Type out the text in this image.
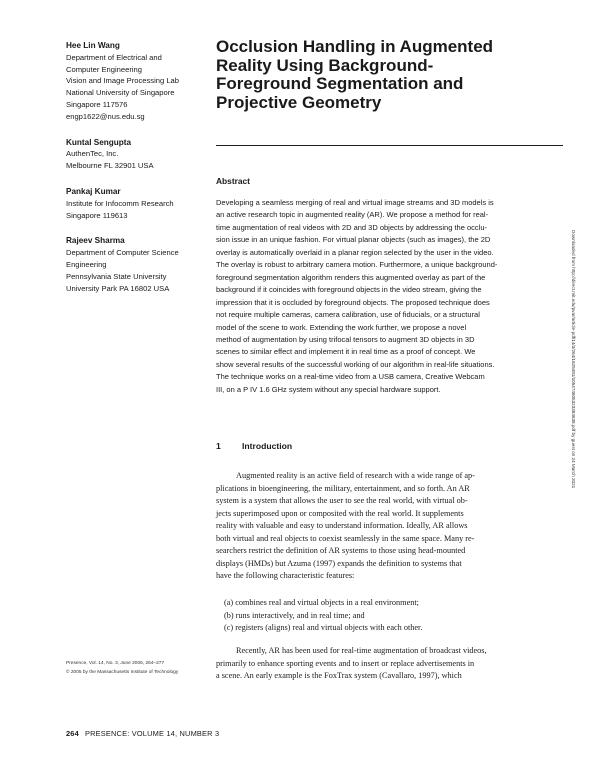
Hee Lin Wang
Department of Electrical and
Computer Engineering
Vision and Image Processing Lab
National University of Singapore
Singapore 117576
engp1622@nus.edu.sg
Kuntal Sengupta
AuthenTec, Inc.
Melbourne FL 32901 USA
Pankaj Kumar
Institute for Infocomm Research
Singapore 119613
Rajeev Sharma
Department of Computer Science
Engineering
Pennsylvania State University
University Park PA 16802 USA
Occlusion Handling in Augmented
Reality Using Background-
Foreground Segmentation and
Projective Geometry
Abstract
Developing a seamless merging of real and virtual image streams and 3D models is
an active research topic in augmented reality (AR). We propose a method for real-
time augmentation of real videos with 2D and 3D objects by addressing the occlu-
sion issue in an unique fashion. For virtual planar objects (such as images), the 2D
overlay is automatically overlaid in a planar region selected by the user in the video.
The overlay is robust to arbitrary camera motion. Furthermore, a unique background-
foreground segmentation algorithm renders this augmented overlay as part of the
background if it coincides with foreground objects in the video stream, giving the
impression that it is occluded by foreground objects. The proposed technique does
not require multiple cameras, camera calibration, use of fiducials, or a structural
model of the scene to work. Extending the work further, we propose a novel
method of augmentation by using trifocal tensors to augment 3D objects in 3D
scenes to similar effect and implement it in real time as a proof of concept. We
show several results of the successful working of our algorithm in real-life situations.
The technique works on a real-time video from a USB camera, Creative Webcam
III, on a P IV 1.6 GHz system without any special hardware support.	Downloaded from http://direct.mit.edu/pvar/article-pdf/14/3/264/1625481/105474605323384638.pdf by guest on 24 March 2021
1 Introduction
Augmented reality is an active field of research with a wide range of ap-
plications in bioengineering, the military, entertainment, and so forth. An AR
system is a system that allows the user to see the real world, with virtual ob-
jects superimposed upon or composited with the real world. It supplements
reality with valuable and easy to understand information. Ideally, AR allows
both virtual and real objects to coexist seamlessly in the same space. Many re-
searchers restrict the definition of AR systems to those using head-mounted
displays (HMDs) but Azuma (1997) expands the definition to systems that
have the following characteristic features:
(a) combines real and virtual objects in a real environment;
(b) runs interactively, and in real time; and
(c) registers (aligns) real and virtual objects with each other.
Recently, AR has been used for real-time augmentation of broadcast videos,
primarily to enhance sporting events and to insert or replace advertisements in
a scene. An early example is the FoxTrax system (Cavallaro, 1997), which
Presence, Vol. 14, No. 3, June 2005, 264–277
© 2005 by the Massachusetts Institute of Technology
264 PRESENCE: VOLUME 14, NUMBER 3
